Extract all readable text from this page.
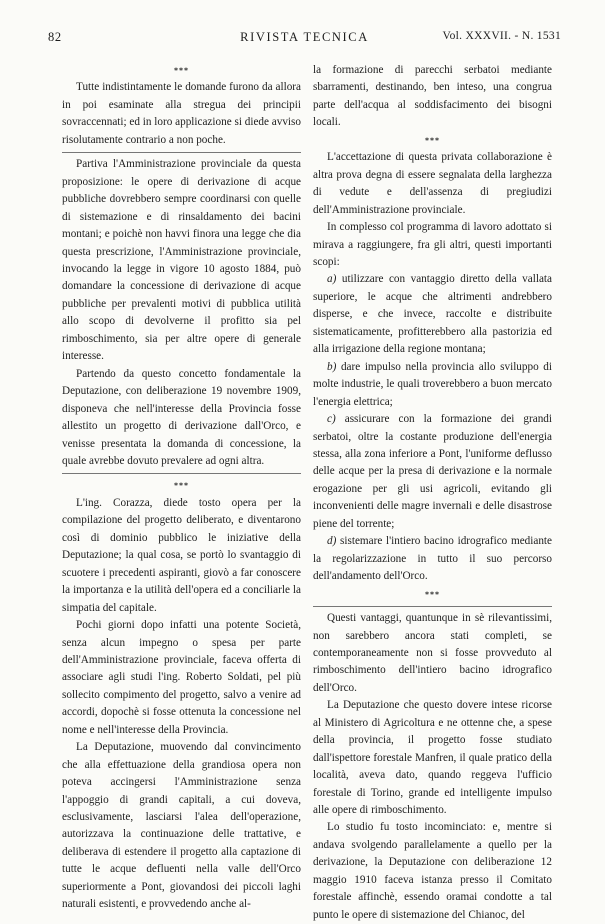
82	RIVISTA TECNICA	Vol. XXXVII. - N. 1531
***

Tutte indistintamente le domande furono da allora in poi esaminate alla stregua dei principii sovraccennati; ed in loro applicazione si diede avviso risolutamente contrario a non poche.

Partiva l'Amministrazione provinciale da questa proposizione: le opere di derivazione di acque pubbliche dovrebbero sempre coordinarsi con quelle di sistemazione e di rinsaldamento dei bacini montani; e poichè non havvi finora una legge che dia questa prescrizione, l'Amministrazione provinciale, invocando la legge in vigore 10 agosto 1884, può domandare la concessione di derivazione di acque pubbliche per prevalenti motivi di pubblica utilità allo scopo di devolverne il profitto sia pel rimboschimento, sia per altre opere di generale interesse.

Partendo da questo concetto fondamentale la Deputazione, con deliberazione 19 novembre 1909, disponeva che nell'interesse della Provincia fosse allestito un progetto di derivazione dall'Orco, e venisse presentata la domanda di concessione, la quale avrebbe dovuto prevalere ad ogni altra.

***

L'ing. Corazza, diede tosto opera per la compilazione del progetto deliberato, e diventarono così di dominio pubblico le iniziative della Deputazione; la qual cosa, se portò lo svantaggio di scuotere i precedenti aspiranti, giovò a far conoscere la importanza e la utilità dell'opera ed a conciliarle la simpatia del capitale.

Pochi giorni dopo infatti una potente Società, senza alcun impegno o spesa per parte dell'Amministrazione provinciale, faceva offerta di associare agli studi l'ing. Roberto Soldati, pel più sollecito compimento del progetto, salvo a venire ad accordi, dopochè si fosse ottenuta la concessione nel nome e nell'interesse della Provincia.

La Deputazione, muovendo dal convincimento che alla effettuazione della grandiosa opera non poteva accingersi l'Amministrazione senza l'appoggio di grandi capitali, a cui doveva, esclusivamente, lasciarsi l'alea dell'operazione, autorizzava la continuazione delle trattative, e deliberava di estendere il progetto alla captazione di tutte le acque defluenti nella valle dell'Orco superiormente a Pont, giovandosi dei piccoli laghi naturali esistenti, e provvedendo anche al-

la formazione di parecchi serbatoi mediante sbarramenti, destinando, ben inteso, una congrua parte dell'acqua al soddisfacimento dei bisogni locali.

***

L'accettazione di questa privata collaborazione è altra prova degna di essere segnalata della larghezza di vedute e dell'assenza di pregiudizi dell'Amministrazione provinciale.

In complesso col programma di lavoro adottato si mirava a raggiungere, fra gli altri, questi importanti scopi:

a) utilizzare con vantaggio diretto della vallata superiore, le acque che altrimenti andrebbero disperse, e che invece, raccolte e distribuite sistematicamente, profitterebbero alla pastorizia ed alla irrigazione della regione montana;

b) dare impulso nella provincia allo sviluppo di molte industrie, le quali troverebbero a buon mercato l'energia elettrica;

c) assicurare con la formazione dei grandi serbatoi, oltre la costante produzione dell'energia stessa, alla zona inferiore a Pont, l'uniforme deflusso delle acque per la presa di derivazione e la normale erogazione per gli usi agricoli, evitando gli inconvenienti delle magre invernali e delle disastrose piene del torrente;

d) sistemare l'intiero bacino idrografico mediante la regolarizzazione in tutto il suo percorso dell'andamento dell'Orco.

***

Questi vantaggi, quantunque in sè rilevantissimi, non sarebbero ancora stati completi, se contemporaneamente non si fosse provveduto al rimboschimento dell'intiero bacino idrografico dell'Orco.

La Deputazione che questo dovere intese ricorse al Ministero di Agricoltura e ne ottenne che, a spese della provincia, il progetto fosse studiato dall'ispettore forestale Manfren, il quale pratico della località, aveva dato, quando reggeva l'ufficio forestale di Torino, grande ed intelligente impulso alle opere di rimboschimento.

Lo studio fu tosto incominciato: e, mentre si andava svolgendo parallelamente a quello per la derivazione, la Deputazione con deliberazione 12 maggio 1910 faceva istanza presso il Comitato forestale affinchè, essendo oramai condotte a tal punto le opere di sistemazione del Chianoc, del
